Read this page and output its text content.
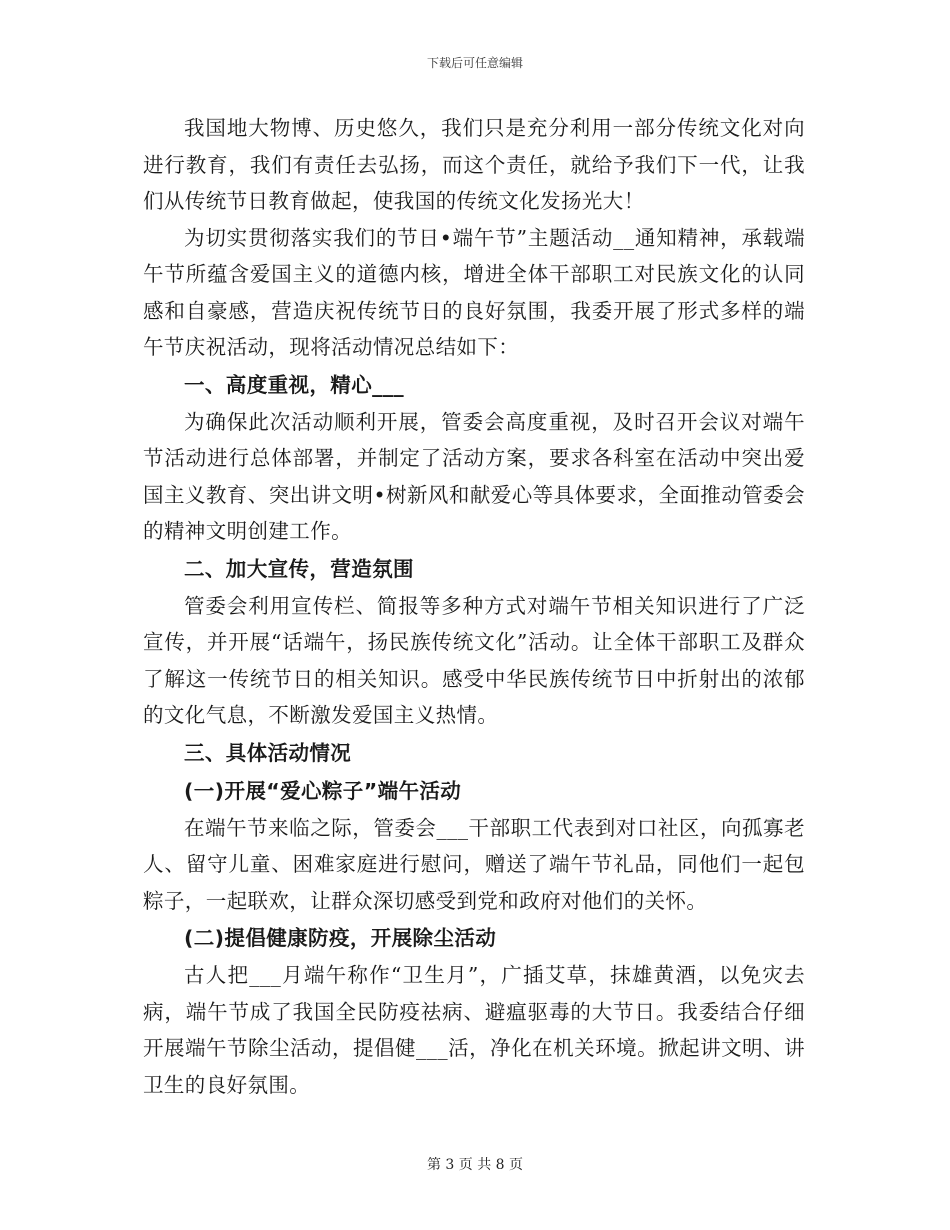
下载后可任意编辑

我国地大物博、历史悠久，我们只是充分利用一部分传统文化对向进行教育，我们有责任去弘扬，而这个责任，就给予我们下一代，让我们从传统节日教育做起，使我国的传统文化发扬光大！

为切实贯彻落实我们的节日•端午节”主题活动__通知精神，承载端午节所蕴含爱国主义的道德内核，增进全体干部职工对民族文化的认同感和自豪感，营造庆祝传统节日的良好氛围，我委开展了形式多样的端午节庆祝活动，现将活动情况总结如下：

一、高度重视，精心___

为确保此次活动顺利开展，管委会高度重视，及时召开会议对端午节活动进行总体部署，并制定了活动方案，要求各科室在活动中突出爱国主义教育、突出讲文明•树新风和献爱心等具体要求，全面推动管委会的精神文明创建工作。

二、加大宣传，营造氛围

管委会利用宣传栏、简报等多种方式对端午节相关知识进行了广泛宣传，并开展“话端午，扬民族传统文化”活动。让全体干部职工及群众了解这一传统节日的相关知识。感受中华民族传统节日中折射出的浓郁的文化气息，不断激发爱国主义热情。

三、具体活动情况

(一)开展“爱心粽子”端午活动

在端午节来临之际，管委会___干部职工代表到对口社区，向孤寡老人、留守儿童、困难家庭进行慰问，赠送了端午节礼品，同他们一起包粽子，一起联欢，让群众深切感受到党和政府对他们的关怀。

(二)提倡健康防疫，开展除尘活动

古人把___月端午称作“卫生月”，广插艾草，抹雄黄酒，以免灾去病，端午节成了我国全民防疫祛病、避瘟驱毒的大节日。我委结合仔细开展端午节除尘活动，提倡健___活，净化在机关环境。掀起讲文明、讲卫生的良好氛围。

第 3 页 共 8 页
